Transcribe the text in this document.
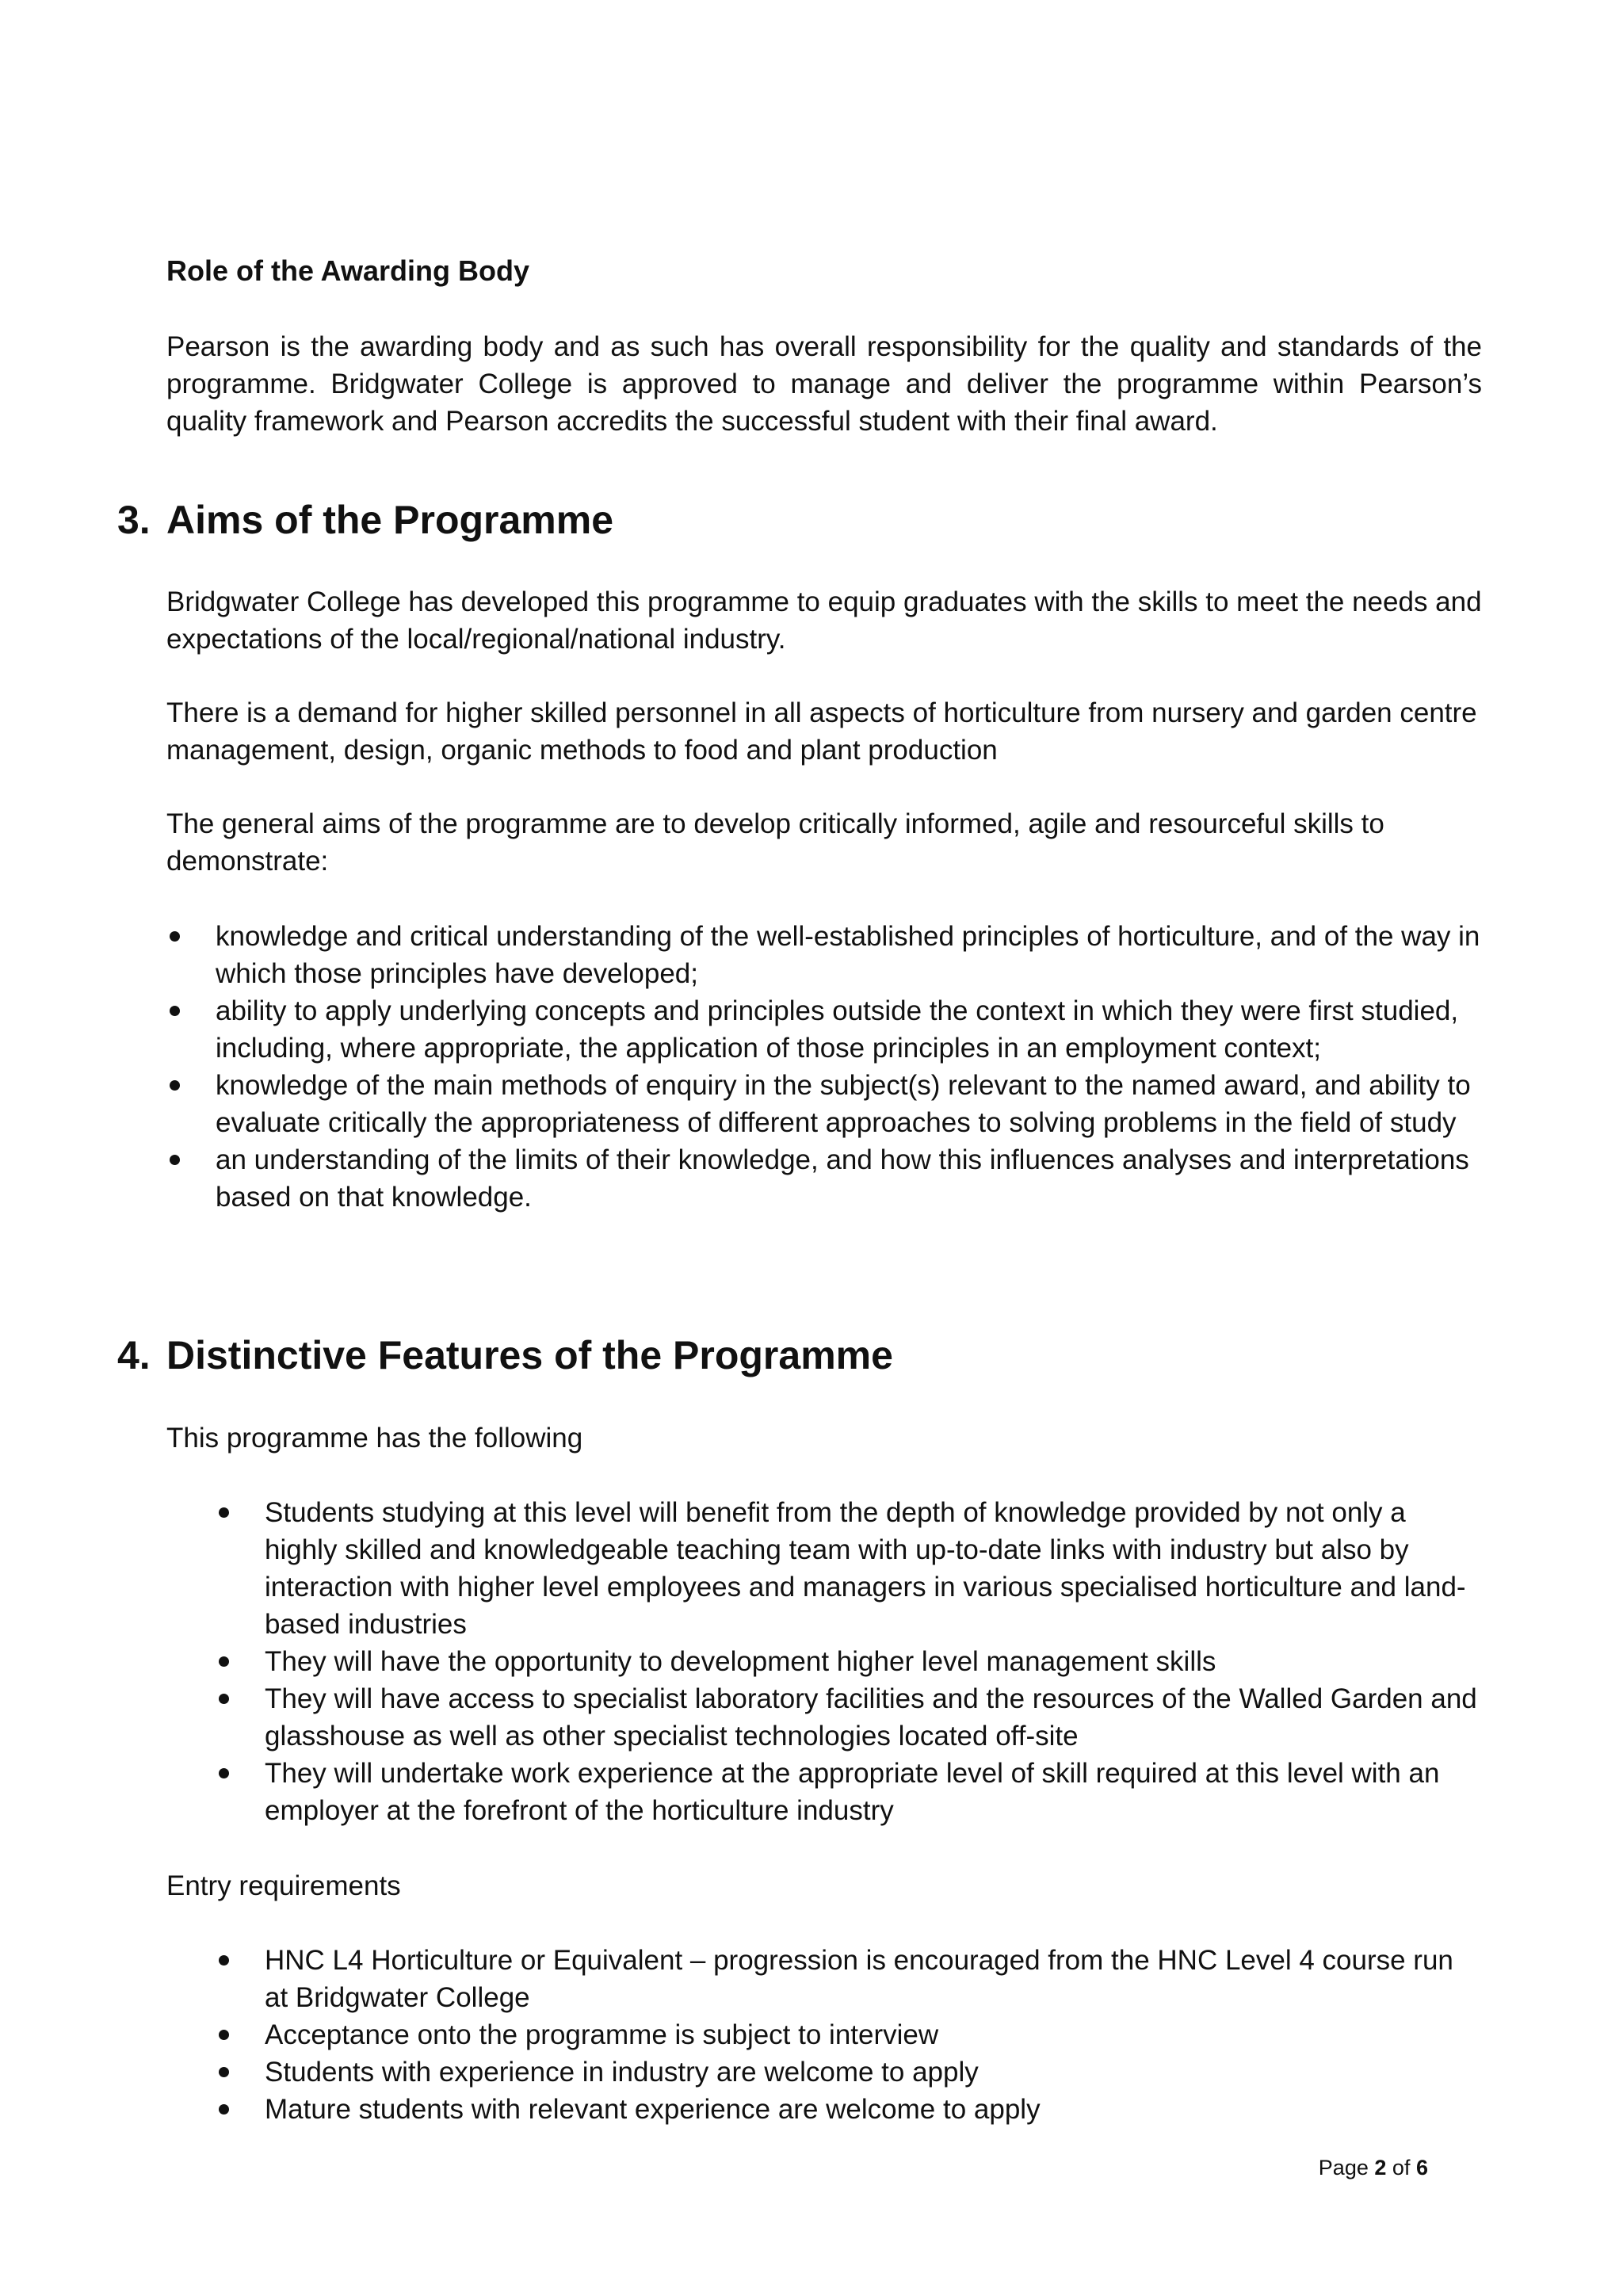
Role of the Awarding Body

Pearson is the awarding body and as such has overall responsibility for the quality and standards of the programme. Bridgwater College is approved to manage and deliver the programme within Pearson’s quality framework and Pearson accredits the successful student with their final award.

3. Aims of the Programme

Bridgwater College has developed this programme to equip graduates with the skills to meet the needs and expectations of the local/regional/national industry.

There is a demand for higher skilled personnel in all aspects of horticulture from nursery and garden centre management, design, organic methods to food and plant production

The general aims of the programme are to develop critically informed, agile and resourceful skills to demonstrate:

knowledge and critical understanding of the well-established principles of horticulture, and of the way in which those principles have developed;
ability to apply underlying concepts and principles outside the context in which they were first studied, including, where appropriate, the application of those principles in an employment context;
knowledge of the main methods of enquiry in the subject(s) relevant to the named award, and ability to evaluate critically the appropriateness of different approaches to solving problems in the field of study
an understanding of the limits of their knowledge, and how this influences analyses and interpretations based on that knowledge.
4. Distinctive Features of the Programme

This programme has the following

Students studying at this level will benefit from the depth of knowledge provided by not only a highly skilled and knowledgeable teaching team with up-to-date links with industry but also by interaction with higher level employees and managers in various specialised horticulture and land-based industries
They will have the opportunity to development higher level management skills
They will have access to specialist laboratory facilities and the resources of the Walled Garden and glasshouse as well as other specialist technologies located off-site
They will undertake work experience at the appropriate level of skill required at this level with an employer at the forefront of the horticulture industry

Entry requirements

HNC L4 Horticulture or Equivalent – progression is encouraged from the HNC Level 4 course run at Bridgwater College
Acceptance onto the programme is subject to interview
Students with experience in industry are welcome to apply
Mature students with relevant experience are welcome to apply
Page 2 of 6
